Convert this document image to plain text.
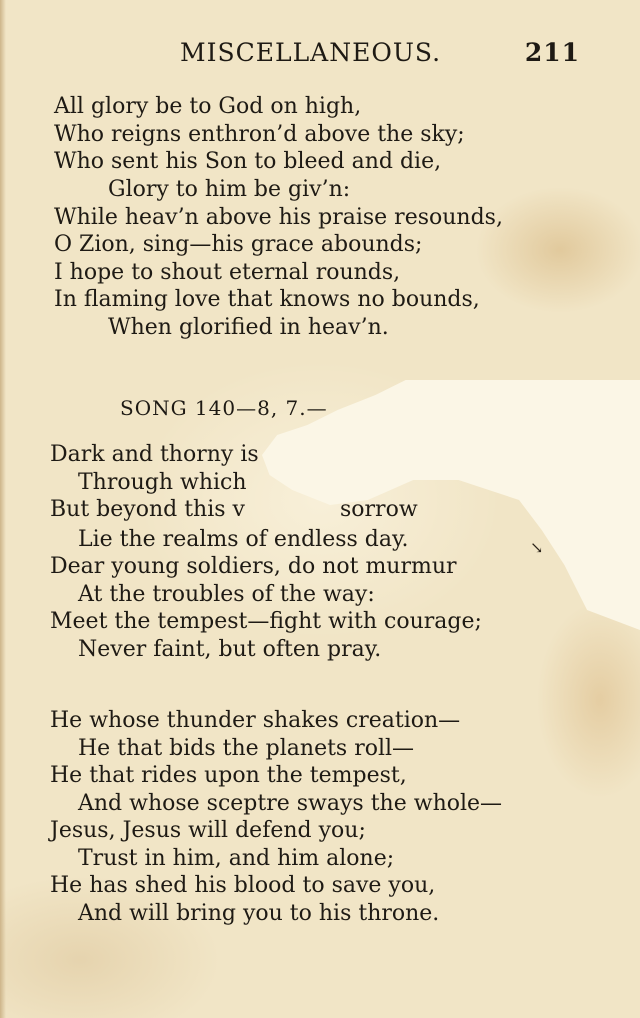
MISCELLANEOUS.	211
All glory be to God on high,
Who reigns enthron’d above the sky;
Who sent his Son to bleed and die,
Glory to him be giv’n:
While heav’n above his praise resounds,
O Zion, sing—his grace abounds;
I hope to shout eternal rounds,
In flaming love that knows no bounds,
When glorified in heav’n.
SONG 140—8, 7.—
Dark and thorny is
Through which
But beyond this v	sorrow
Lie the realms of endless day.
Dear young soldiers, do not murmur
At the troubles of the way:
Meet the tempest—fight with courage;
Never faint, but often pray.
↘
He whose thunder shakes creation—
He that bids the planets roll—
He that rides upon the tempest,
And whose sceptre sways the whole—
Jesus, Jesus will defend you;
Trust in him, and him alone;
He has shed his blood to save you,
And will bring you to his throne.
